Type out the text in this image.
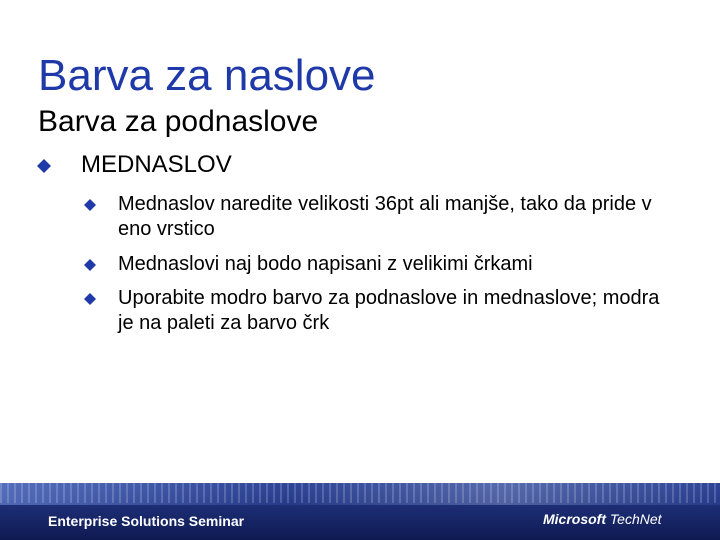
Barva za naslove
Barva za podnaslove
MEDNASLOV
Mednaslov naredite velikosti 36pt ali manjše, tako da pride v eno vrstico
Mednaslovi naj bodo napisani z velikimi črkami
Uporabite modro barvo za podnaslove in mednaslove; modra je na paleti za barvo črk
Enterprise Solutions Seminar	Microsoft TechNet
